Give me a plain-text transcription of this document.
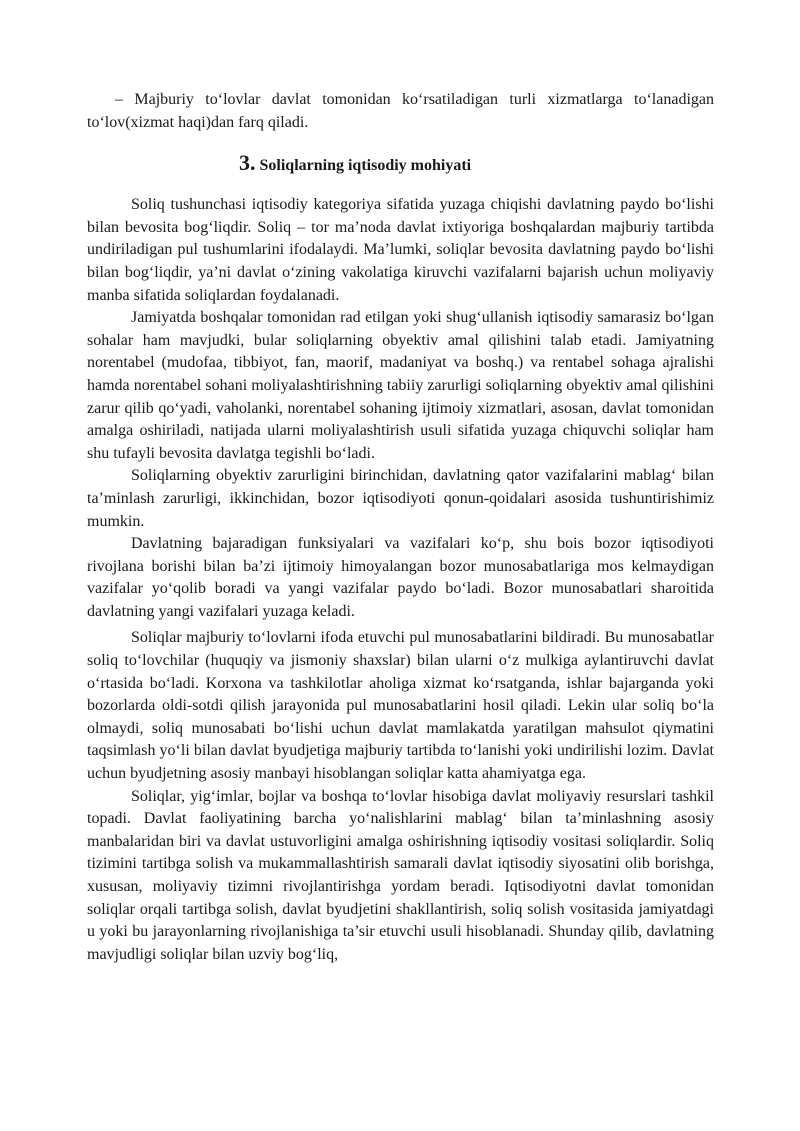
– Majburiy to‘lovlar davlat tomonidan ko‘rsatiladigan turli xizmatlarga to‘lanadigan to‘lov(xizmat haqi)dan farq qiladi.

3. Soliqlarning iqtisodiy mohiyati

Soliq tushunchasi iqtisodiy kategoriya sifatida yuzaga chiqishi davlatning paydo bo‘lishi bilan bevosita bog‘liqdir. Soliq – tor ma’noda davlat ixtiyoriga boshqalardan majburiy tartibda undiriladigan pul tushumlarini ifodalaydi. Ma’lumki, soliqlar bevosita davlatning paydo bo‘lishi bilan bog‘liqdir, ya’ni davlat o‘zining vakolatiga kiruvchi vazifalarni bajarish uchun moliyaviy manba sifatida soliqlardan foydalanadi.

Jamiyatda boshqalar tomonidan rad etilgan yoki shug‘ullanish iqtisodiy samarasiz bo‘lgan sohalar ham mavjudki, bular soliqlarning obyektiv amal qilishini talab etadi. Jamiyatning norentabel (mudofaa, tibbiyot, fan, maorif, madaniyat va boshq.) va rentabel sohaga ajralishi hamda norentabel sohani moliyalashtirishning tabiiy zarurligi soliqlarning obyektiv amal qilishini zarur qilib qo‘yadi, vaholanki, norentabel sohaning ijtimoiy xizmatlari, asosan, davlat tomonidan amalga oshiriladi, natijada ularni moliyalashtirish usuli sifatida yuzaga chiquvchi soliqlar ham shu tufayli bevosita davlatga tegishli bo‘ladi.

Soliqlarning obyektiv zarurligini birinchidan, davlatning qator vazifalarini mablag‘ bilan ta’minlash zarurligi, ikkinchidan, bozor iqtisodiyoti qonun-qoidalari asosida tushuntirishimiz mumkin.

Davlatning bajaradigan funksiyalari va vazifalari ko‘p, shu bois bozor iqtisodiyoti rivojlana borishi bilan ba’zi ijtimoiy himoyalangan bozor munosabatlariga mos kelmaydigan vazifalar yo‘qolib boradi va yangi vazifalar paydo bo‘ladi. Bozor munosabatlari sharoitida davlatning yangi vazifalari yuzaga keladi.

Soliqlar majburiy to‘lovlarni ifoda etuvchi pul munosabatlarini bildiradi. Bu munosabatlar soliq to‘lovchilar (huquqiy va jismoniy shaxslar) bilan ularni o‘z mulkiga aylantiruvchi davlat o‘rtasida bo‘ladi. Korxona va tashkilotlar aholiga xizmat ko‘rsatganda, ishlar bajarganda yoki bozorlarda oldi-sotdi qilish jarayonida pul munosabatlarini hosil qiladi. Lekin ular soliq bo‘la olmaydi, soliq munosabati bo‘lishi uchun davlat mamlakatda yaratilgan mahsulot qiymatini taqsimlash yo‘li bilan davlat byudjetiga majburiy tartibda to‘lanishi yoki undirilishi lozim. Davlat uchun byudjetning asosiy manbayi hisoblangan soliqlar katta ahamiyatga ega.

Soliqlar, yig‘imlar, bojlar va boshqa to‘lovlar hisobiga davlat moliyaviy resurslari tashkil topadi. Davlat faoliyatining barcha yo‘nalishlarini mablag‘ bilan ta’minlashning asosiy manbalaridan biri va davlat ustuvorligini amalga oshirishning iqtisodiy vositasi soliqlardir. Soliq tizimini tartibga solish va mukammallashtirish samarali davlat iqtisodiy siyosatini olib borishga, xususan, moliyaviy tizimni rivojlantirishga yordam beradi. Iqtisodiyotni davlat tomonidan soliqlar orqali tartibga solish, davlat byudjetini shakllantirish, soliq solish vositasida jamiyatdagi u yoki bu jarayonlarning rivojlanishiga ta’sir etuvchi usuli hisoblanadi. Shunday qilib, davlatning mavjudligi soliqlar bilan uzviy bog‘liq,
